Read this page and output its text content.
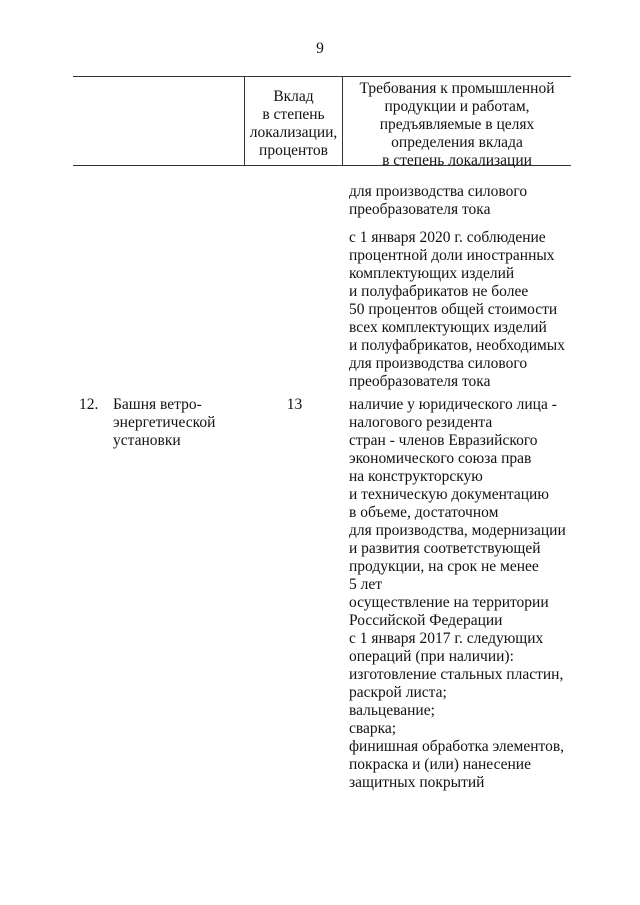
9
Вклад
в степень
локализации,
процентов
Требования к промышленной
продукции и работам,
предъявляемые в целях
определения вклада
в степень локализации
для производства силового
преобразователя тока
с 1 января 2020 г. соблюдение
процентной доли иностранных
комплектующих изделий
и полуфабрикатов не более
50 процентов общей стоимости
всех комплектующих изделий
и полуфабрикатов, необходимых
для производства силового
преобразователя тока
12. Башня ветро-
энергетической
установки
13	наличие у юридического лица -
налогового резидента
стран - членов Евразийского
экономического союза прав
на конструкторскую
и техническую документацию
в объеме, достаточном
для производства, модернизации
и развития соответствующей
продукции, на срок не менее
5 лет
осуществление на территории
Российской Федерации
с 1 января 2017 г. следующих
операций (при наличии):
изготовление стальных пластин,
раскрой листа;
вальцевание;
сварка;
финишная обработка элементов,
покраска и (или) нанесение
защитных покрытий
